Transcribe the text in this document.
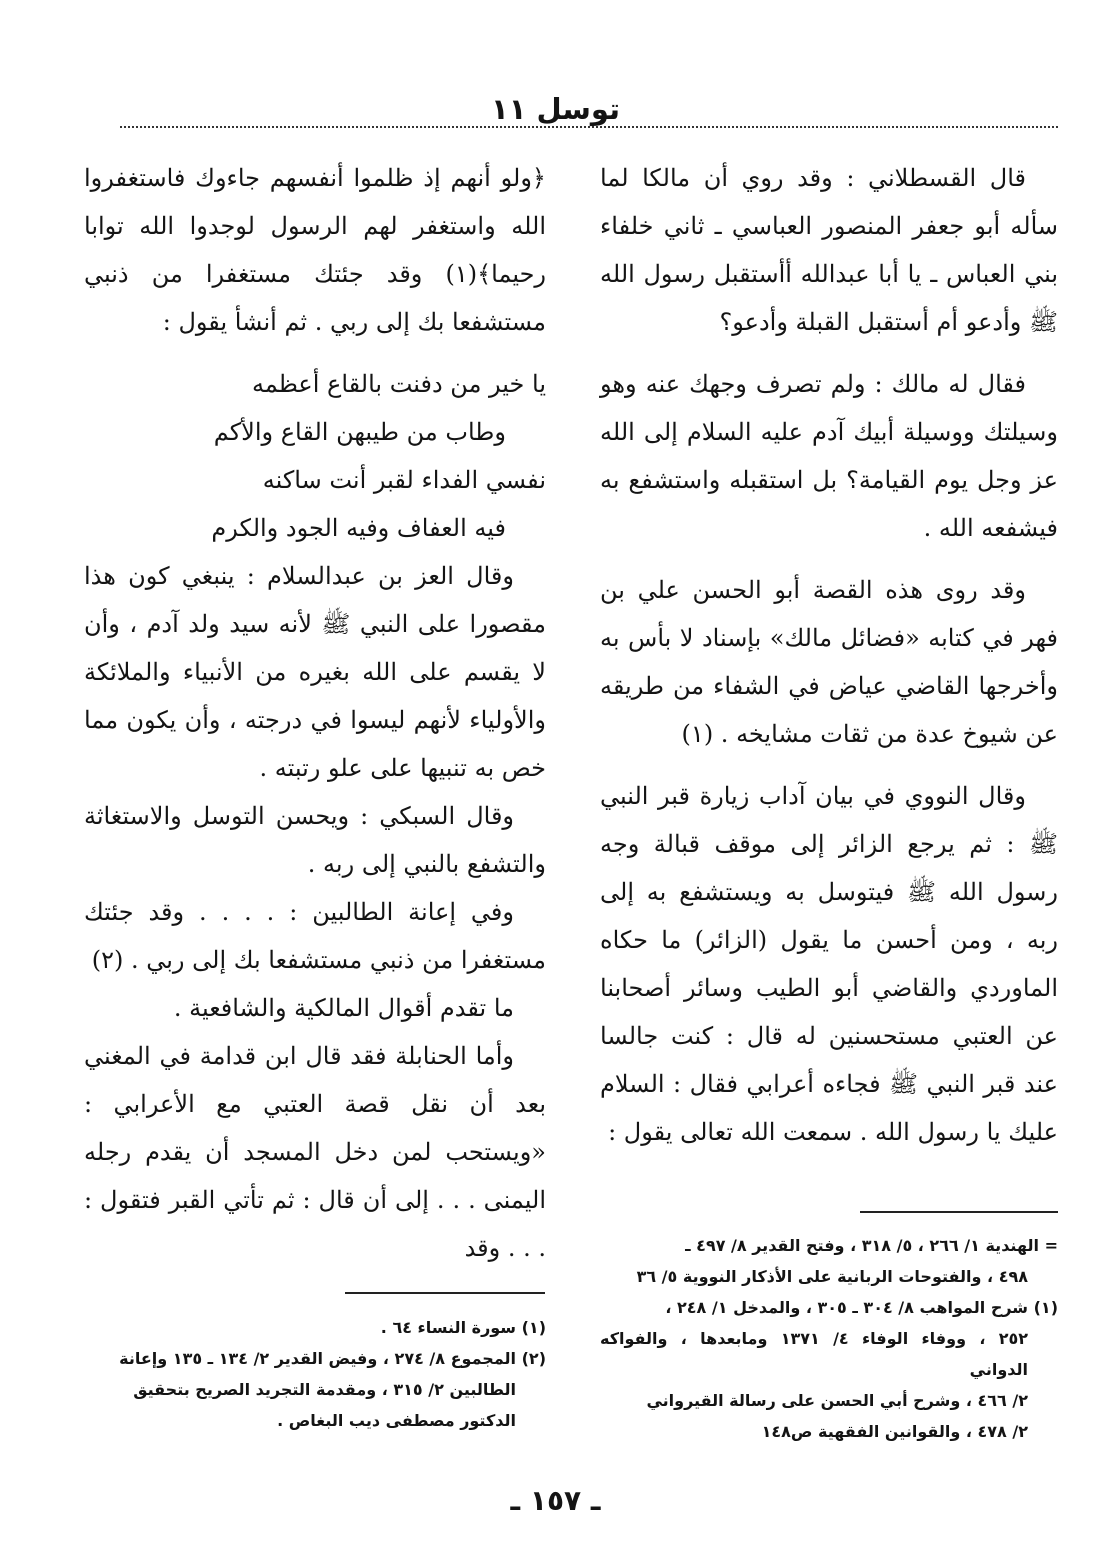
توسل ١١

قال القسطلاني : وقد روي أن مالكا لما سأله أبو جعفر المنصور العباسي ـ ثاني خلفاء بني العباس ـ يا أبا عبدالله أأستقبل رسول الله ﷺ وأدعو أم أستقبل القبلة وأدعو؟

فقال له مالك : ولم تصرف وجهك عنه وهو وسيلتك ووسيلة أبيك آدم عليه السلام إلى الله عز وجل يوم القيامة؟ بل استقبله واستشفع به فيشفعه الله .

وقد روى هذه القصة أبو الحسن علي بن فهر في كتابه «فضائل مالك» بإسناد لا بأس به وأخرجها القاضي عياض في الشفاء من طريقه عن شيوخ عدة من ثقات مشايخه . (١)

وقال النووي في بيان آداب زيارة قبر النبي ﷺ : ثم يرجع الزائر إلى موقف قبالة وجه رسول الله ﷺ فيتوسل به ويستشفع به إلى ربه ، ومن أحسن ما يقول (الزائر) ما حكاه الماوردي والقاضي أبو الطيب وسائر أصحابنا عن العتبي مستحسنين له قال : كنت جالسا عند قبر النبي ﷺ فجاءه أعرابي فقال : السلام عليك يا رسول الله . سمعت الله تعالى يقول :

﴿ولو أنهم إذ ظلموا أنفسهم جاءوك فاستغفروا الله واستغفر لهم الرسول لوجدوا الله توابا رحيما﴾(١) وقد جئتك مستغفرا من ذنبي مستشفعا بك إلى ربي . ثم أنشأ يقول :

يا خير من دفنت بالقاع أعظمه

وطاب من طيبهن القاع والأكم

نفسي الفداء لقبر أنت ساكنه

فيه العفاف وفيه الجود والكرم

وقال العز بن عبدالسلام : ينبغي كون هذا مقصورا على النبي ﷺ لأنه سيد ولد آدم ، وأن لا يقسم على الله بغيره من الأنبياء والملائكة والأولياء لأنهم ليسوا في درجته ، وأن يكون مما خص به تنبيها على علو رتبته .

وقال السبكي : ويحسن التوسل والاستغاثة والتشفع بالنبي إلى ربه .

وفي إعانة الطالبين : . . . . وقد جئتك مستغفرا من ذنبي مستشفعا بك إلى ربي . (٢)

ما تقدم أقوال المالكية والشافعية .

وأما الحنابلة فقد قال ابن قدامة في المغني بعد أن نقل قصة العتبي مع الأعرابي : «ويستحب لمن دخل المسجد أن يقدم رجله اليمنى . . . إلى أن قال : ثم تأتي القبر فتقول : . . . وقد	= الهندية ١/ ٢٦٦ ، ٥/ ٣١٨ ، وفتح القدير ٨/ ٤٩٧ ـ

٤٩٨ ، والفتوحات الربانية على الأذكار النووية ٥/ ٣٦

(١) شرح المواهب ٨/ ٣٠٤ ـ ٣٠٥ ، والمدخل ١/ ٢٤٨ ،

٢٥٢ ، ووفاء الوفاء ٤/ ١٣٧١ ومابعدها ، والفواكه الدواني

٢/ ٤٦٦ ، وشرح أبي الحسن على رسالة القيرواني

٢/ ٤٧٨ ، والقوانين الفقهية ص١٤٨

(١) سورة النساء ٦٤ .

(٢) المجموع ٨/ ٢٧٤ ، وفيض القدير ٢/ ١٣٤ ـ ١٣٥ وإعانة

الطالبين ٢/ ٣١٥ ، ومقدمة التجريد الصريح بتحقيق

الدكتور مصطفى ديب البغاص .

ـ ١٥٧ ـ
